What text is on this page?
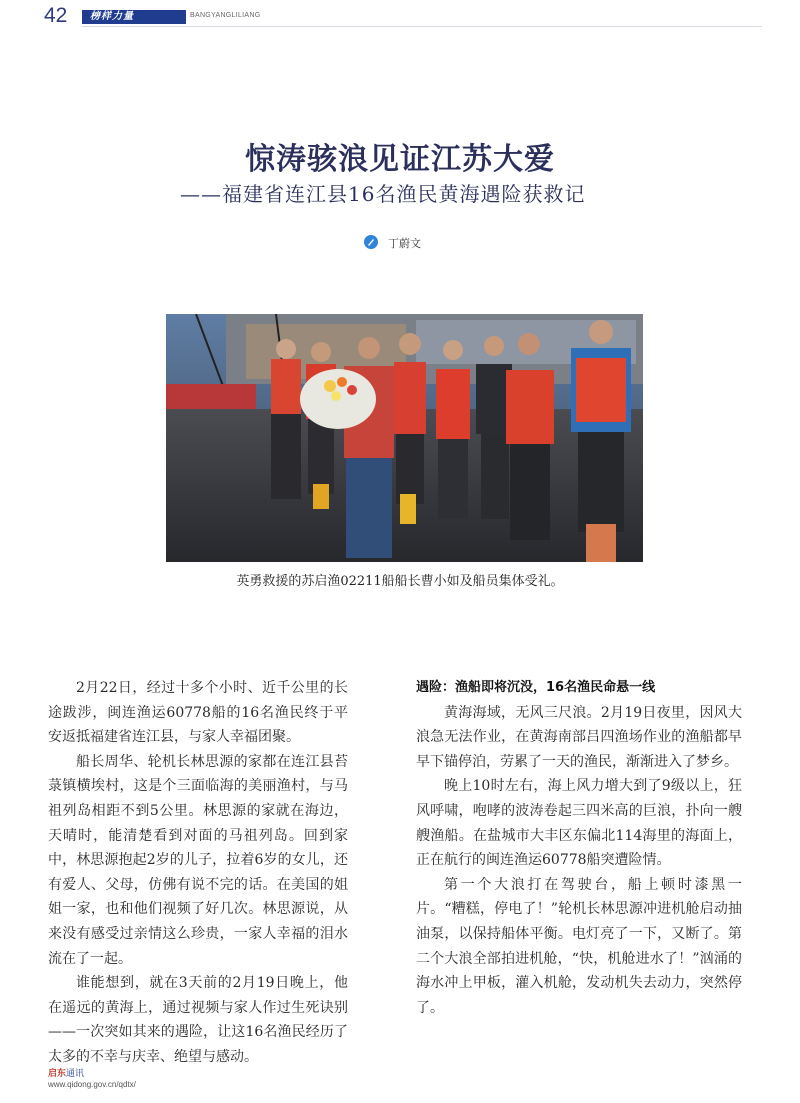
42	榜样力量	BANGYANGLILIANG
惊涛骇浪见证江苏大爱
——福建省连江县16名渔民黄海遇险获救记
丁蔚文
英勇救援的苏启渔02211船船长曹小如及船员集体受礼。

2月22日，经过十多个小时、近千公里的长途跋涉，闽连渔运60778船的16名渔民终于平安返抵福建省连江县，与家人幸福团聚。

船长周华、轮机长林思源的家都在连江县苔菉镇横埃村，这是个三面临海的美丽渔村，与马祖列岛相距不到5公里。林思源的家就在海边，天晴时，能清楚看到对面的马祖列岛。回到家中，林思源抱起2岁的儿子，拉着6岁的女儿，还有爱人、父母，仿佛有说不完的话。在美国的姐姐一家，也和他们视频了好几次。林思源说，从来没有感受过亲情这么珍贵，一家人幸福的泪水流在了一起。

谁能想到，就在3天前的2月19日晚上，他在遥远的黄海上，通过视频与家人作过生死诀别——一次突如其来的遇险，让这16名渔民经历了太多的不幸与庆幸、绝望与感动。

遇险：渔船即将沉没，16名渔民命悬一线

黄海海域，无风三尺浪。2月19日夜里，因风大浪急无法作业，在黄海南部吕四渔场作业的渔船都早早下锚停泊，劳累了一天的渔民，渐渐进入了梦乡。

晚上10时左右，海上风力增大到了9级以上，狂风呼啸，咆哮的波涛卷起三四米高的巨浪，扑向一艘艘渔船。在盐城市大丰区东偏北114海里的海面上，正在航行的闽连渔运60778船突遭险情。

第一个大浪打在驾驶台，船上顿时漆黑一片。“糟糕，停电了！”轮机长林思源冲进机舱启动抽油泵，以保持船体平衡。电灯亮了一下，又断了。第二个大浪全部拍进机舱，“快，机舱进水了！”汹涌的海水冲上甲板，灌入机舱，发动机失去动力，突然停了。

启东通讯
www.qidong.gov.cn/qdtx/
